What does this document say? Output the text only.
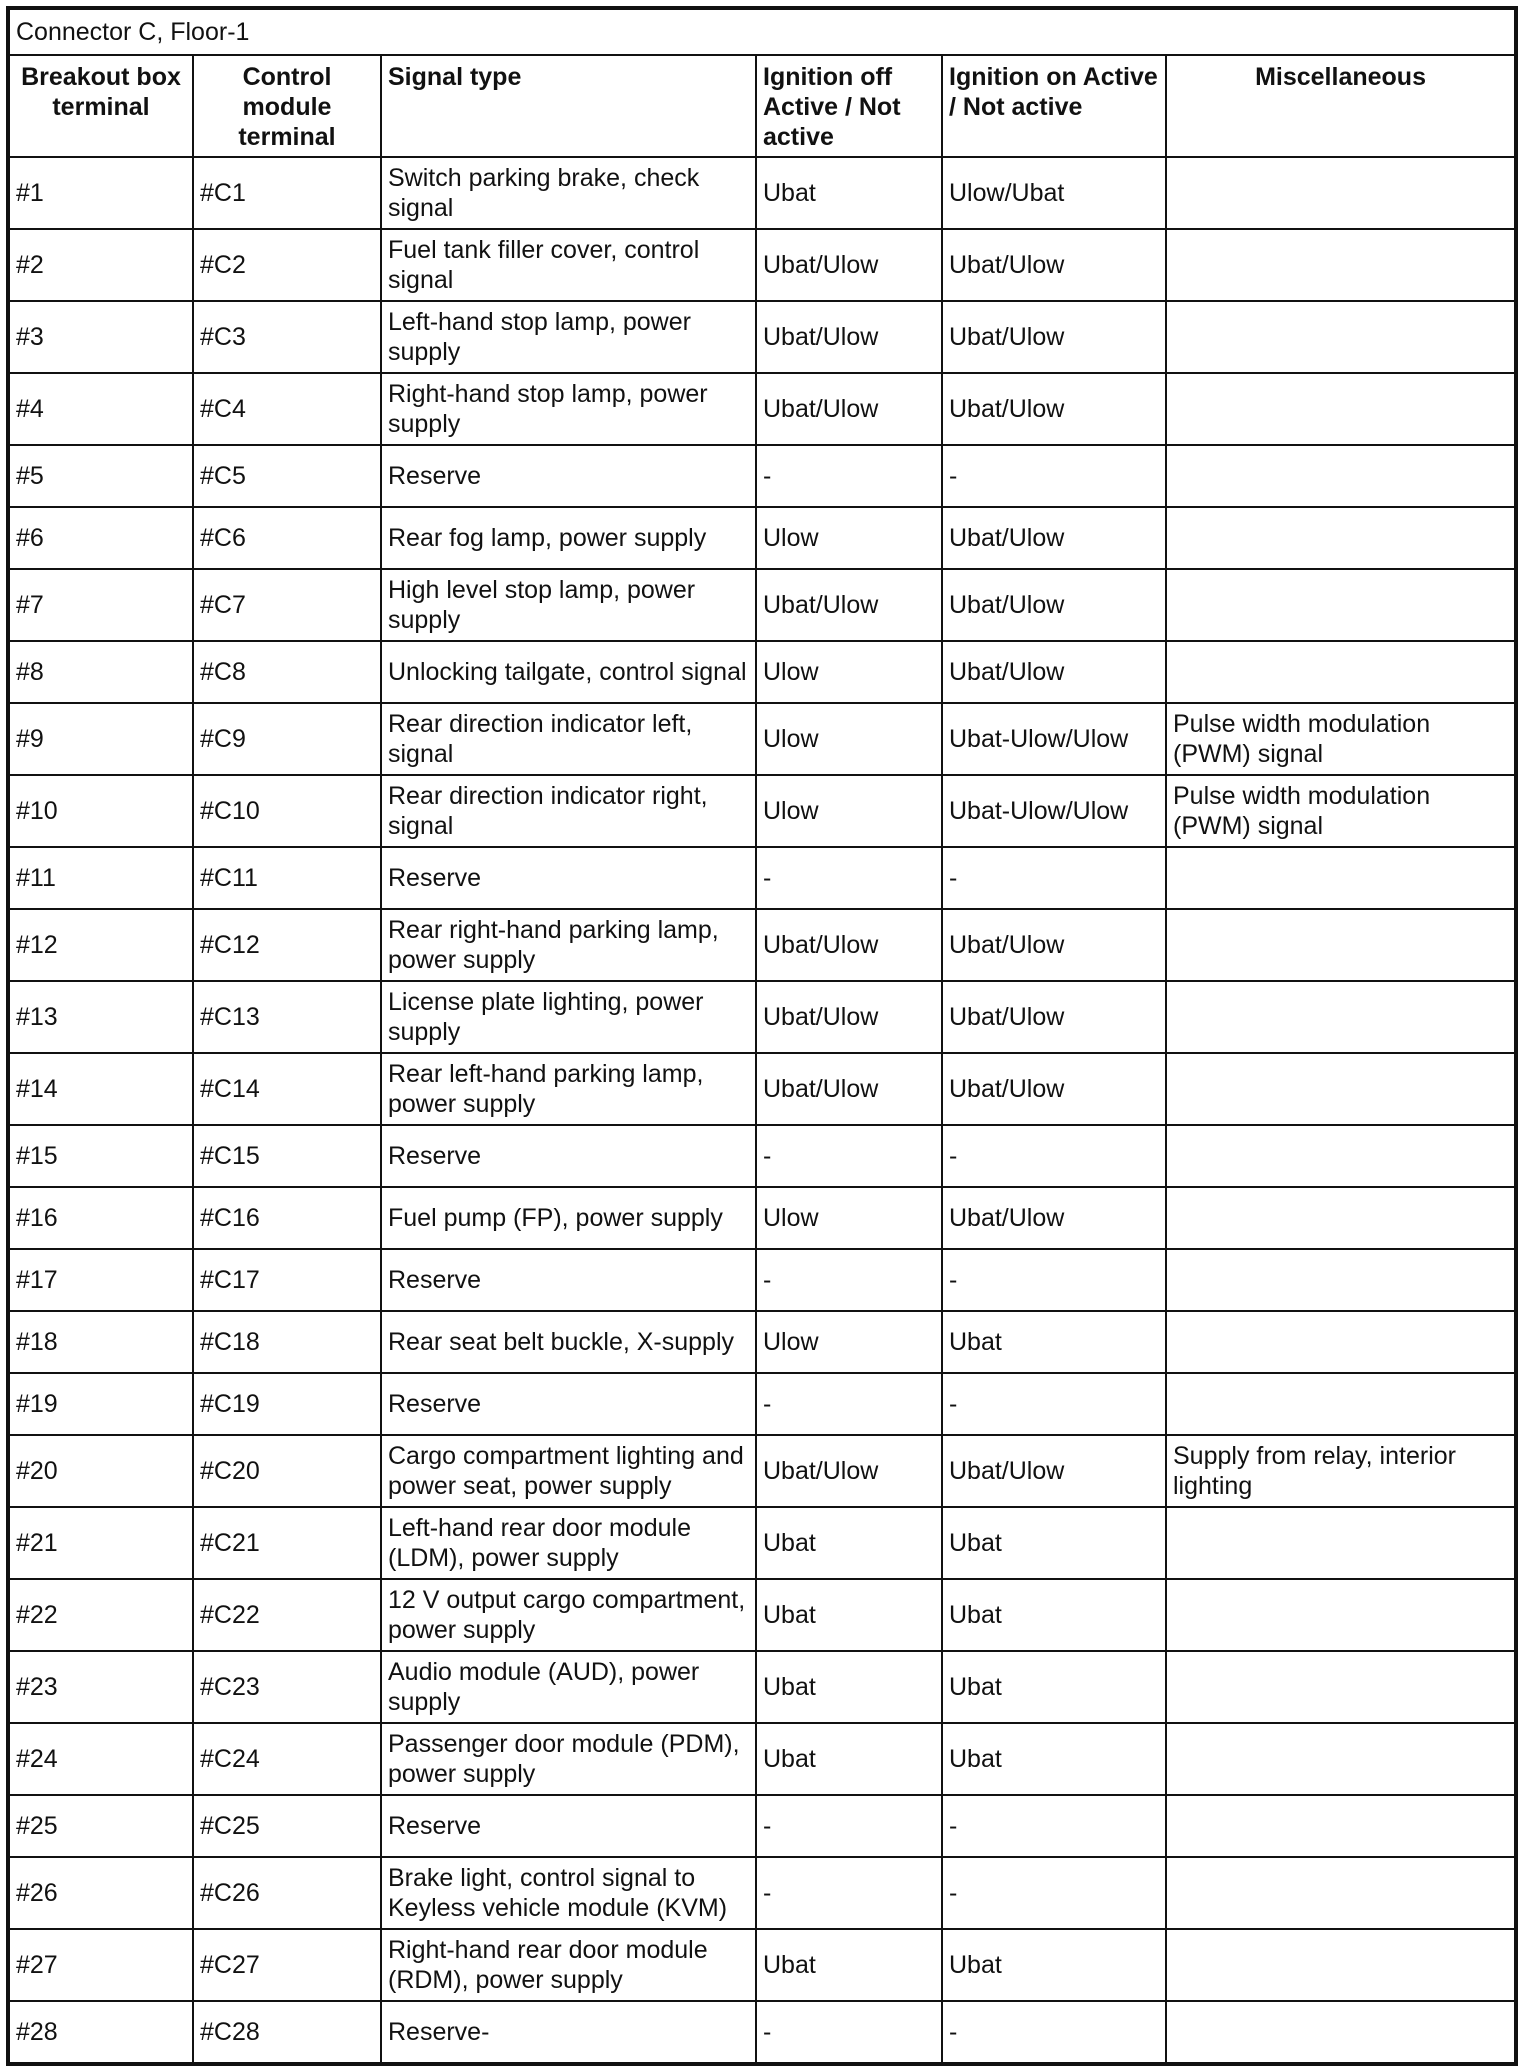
Connector C, Floor-1					
Breakout box terminal	Control module terminal	Signal type	Ignition off Active / Not active	Ignition on Active / Not active	Miscellaneous
#1	#C1	Switch parking brake, check signal	Ubat	Ulow/Ubat	
#2	#C2	Fuel tank filler cover, control signal	Ubat/Ulow	Ubat/Ulow	
#3	#C3	Left-hand stop lamp, power supply	Ubat/Ulow	Ubat/Ulow	
#4	#C4	Right-hand stop lamp, power supply	Ubat/Ulow	Ubat/Ulow	
#5	#C5	Reserve	-	-	
#6	#C6	Rear fog lamp, power supply	Ulow	Ubat/Ulow	
#7	#C7	High level stop lamp, power supply	Ubat/Ulow	Ubat/Ulow	
#8	#C8	Unlocking tailgate, control signal	Ulow	Ubat/Ulow	
#9	#C9	Rear direction indicator left, signal	Ulow	Ubat-Ulow/Ulow	Pulse width modulation (PWM) signal
#10	#C10	Rear direction indicator right, signal	Ulow	Ubat-Ulow/Ulow	Pulse width modulation (PWM) signal
#11	#C11	Reserve	-	-	
#12	#C12	Rear right-hand parking lamp, power supply	Ubat/Ulow	Ubat/Ulow	
#13	#C13	License plate lighting, power supply	Ubat/Ulow	Ubat/Ulow	
#14	#C14	Rear left-hand parking lamp, power supply	Ubat/Ulow	Ubat/Ulow	
#15	#C15	Reserve	-	-	
#16	#C16	Fuel pump (FP), power supply	Ulow	Ubat/Ulow	
#17	#C17	Reserve	-	-	
#18	#C18	Rear seat belt buckle, X-supply	Ulow	Ubat	
#19	#C19	Reserve	-	-	
#20	#C20	Cargo compartment lighting and power seat, power supply	Ubat/Ulow	Ubat/Ulow	Supply from relay, interior lighting
#21	#C21	Left-hand rear door module (LDM), power supply	Ubat	Ubat	
#22	#C22	12 V output cargo compartment, power supply	Ubat	Ubat	
#23	#C23	Audio module (AUD), power supply	Ubat	Ubat	
#24	#C24	Passenger door module (PDM), power supply	Ubat	Ubat	
#25	#C25	Reserve	-	-	
#26	#C26	Brake light, control signal to Keyless vehicle module (KVM)	-	-	
#27	#C27	Right-hand rear door module (RDM), power supply	Ubat	Ubat	
#28	#C28	Reserve-	-	-	
